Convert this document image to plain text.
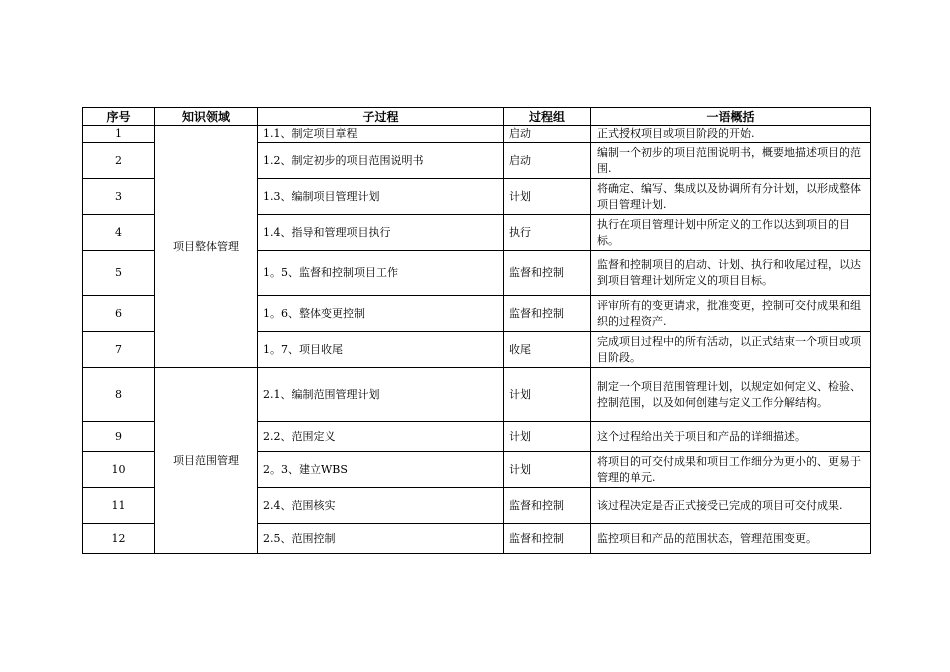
序号	知识领域	子过程	过程组	一语概括
1	项目整体管理	1.1、制定项目章程	启动	正式授权项目或项目阶段的开始.
2		1.2、制定初步的项目范围说明书	启动	编制一个初步的项目范围说明书，概要地描述项目的范围.
3		1.3、编制项目管理计划	计划	将确定、编写、集成以及协调所有分计划，以形成整体项目管理计划.
4		1.4、指导和管理项目执行	执行	执行在项目管理计划中所定义的工作以达到项目的目标。
5		1。5、监督和控制项目工作	监督和控制	监督和控制项目的启动、计划、执行和收尾过程，以达到项目管理计划所定义的项目目标。
6		1。6、整体变更控制	监督和控制	评审所有的变更请求，批准变更，控制可交付成果和组织的过程资产.
7		1。7、项目收尾	收尾	完成项目过程中的所有活动，以正式结束一个项目或项目阶段。
8	项目范围管理	2.1、编制范围管理计划	计划	制定一个项目范围管理计划，以规定如何定义、检验、控制范围，以及如何创建与定义工作分解结构。
9		2.2、范围定义	计划	这个过程给出关于项目和产品的详细描述。
10		2。3、建立WBS	计划	将项目的可交付成果和项目工作细分为更小的、更易于管理的单元.
11		2.4、范围核实	监督和控制	该过程决定是否正式接受已完成的项目可交付成果.
12		2.5、范围控制	监督和控制	监控项目和产品的范围状态，管理范围变更。
